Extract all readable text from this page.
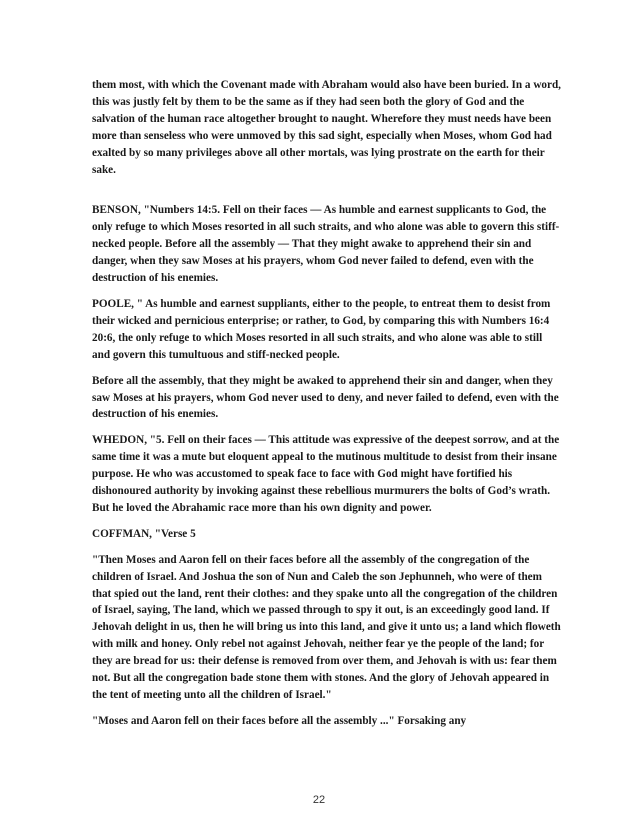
them most, with which the Covenant made with Abraham would also have been buried. In a word, this was justly felt by them to be the same as if they had seen both the glory of God and the salvation of the human race altogether brought to naught. Wherefore they must needs have been more than senseless who were unmoved by this sad sight, especially when Moses, whom God had exalted by so many privileges above all other mortals, was lying prostrate on the earth for their sake.

BENSON, "Numbers 14:5. Fell on their faces — As humble and earnest supplicants to God, the only refuge to which Moses resorted in all such straits, and who alone was able to govern this stiff-necked people. Before all the assembly — That they might awake to apprehend their sin and danger, when they saw Moses at his prayers, whom God never failed to defend, even with the destruction of his enemies.

POOLE, " As humble and earnest suppliants, either to the people, to entreat them to desist from their wicked and pernicious enterprise; or rather, to God, by comparing this with Numbers 16:4 20:6, the only refuge to which Moses resorted in all such straits, and who alone was able to still and govern this tumultuous and stiff-necked people.

Before all the assembly, that they might be awaked to apprehend their sin and danger, when they saw Moses at his prayers, whom God never used to deny, and never failed to defend, even with the destruction of his enemies.

WHEDON, "5. Fell on their faces — This attitude was expressive of the deepest sorrow, and at the same time it was a mute but eloquent appeal to the mutinous multitude to desist from their insane purpose. He who was accustomed to speak face to face with God might have fortified his dishonoured authority by invoking against these rebellious murmurers the bolts of God’s wrath. But he loved the Abrahamic race more than his own dignity and power.

COFFMAN, "Verse 5

"Then Moses and Aaron fell on their faces before all the assembly of the congregation of the children of Israel. And Joshua the son of Nun and Caleb the son Jephunneh, who were of them that spied out the land, rent their clothes: and they spake unto all the congregation of the children of Israel, saying, The land, which we passed through to spy it out, is an exceedingly good land. If Jehovah delight in us, then he will bring us into this land, and give it unto us; a land which floweth with milk and honey. Only rebel not against Jehovah, neither fear ye the people of the land; for they are bread for us: their defense is removed from over them, and Jehovah is with us: fear them not. But all the congregation bade stone them with stones. And the glory of Jehovah appeared in the tent of meeting unto all the children of Israel."

"Moses and Aaron fell on their faces before all the assembly ..." Forsaking any

22
